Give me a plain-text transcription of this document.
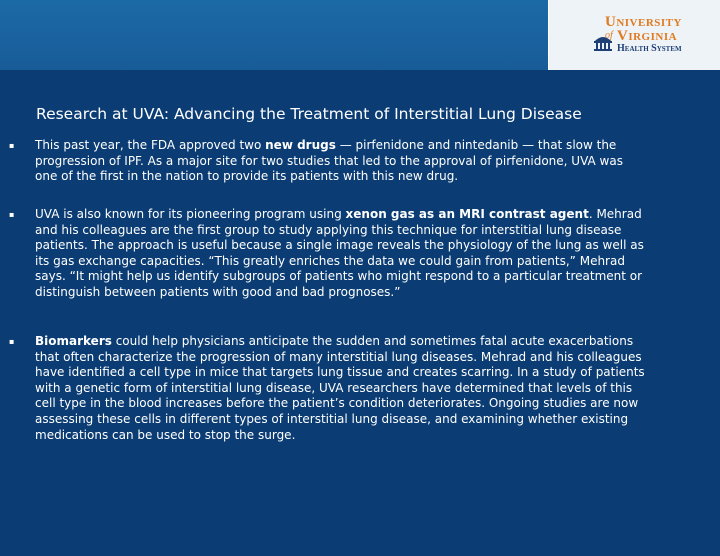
University
of Virginia
Health System
Research at UVA: Advancing the Treatment of Interstitial Lung Disease
▪ This past year, the FDA approved two new drugs — pirfenidone and nintedanib — that slow the progression of IPF. As a major site for two studies that led to the approval of pirfenidone, UVA was one of the first in the nation to provide its patients with this new drug.
▪ UVA is also known for its pioneering program using xenon gas as an MRI contrast agent. Mehrad and his colleagues are the first group to study applying this technique for interstitial lung disease patients. The approach is useful because a single image reveals the physiology of the lung as well as its gas exchange capacities. “This greatly enriches the data we could gain from patients,” Mehrad says. “It might help us identify subgroups of patients who might respond to a particular treatment or distinguish between patients with good and bad prognoses.”
▪ Biomarkers could help physicians anticipate the sudden and sometimes fatal acute exacerbations that often characterize the progression of many interstitial lung diseases. Mehrad and his colleagues have identified a cell type in mice that targets lung tissue and creates scarring. In a study of patients with a genetic form of interstitial lung disease, UVA researchers have determined that levels of this cell type in the blood increases before the patient’s condition deteriorates. Ongoing studies are now assessing these cells in different types of interstitial lung disease, and examining whether existing medications can be used to stop the surge.
